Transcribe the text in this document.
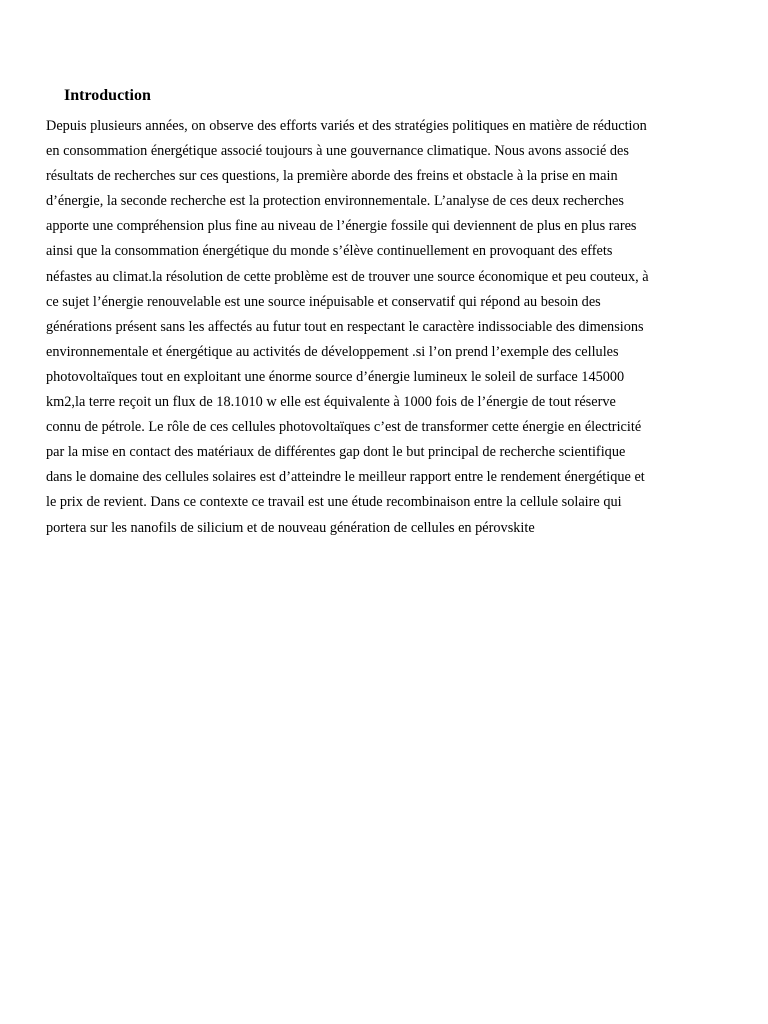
Introduction
Depuis plusieurs années, on observe des efforts variés et des stratégies politiques en matière de réduction
en consommation énergétique associé toujours à une gouvernance climatique. Nous avons associé des
résultats de recherches sur ces questions, la première aborde des freins et obstacle à la prise en main
d’énergie, la seconde recherche est la protection environnementale. L’analyse de ces deux recherches
apporte une compréhension plus fine au niveau de l’énergie fossile qui deviennent de plus en plus rares
ainsi que la consommation énergétique du monde s’élève continuellement en provoquant des effets
néfastes au climat.la résolution de cette problème est de trouver une source économique et peu couteux, à
ce sujet l’énergie renouvelable est une source inépuisable et conservatif qui répond au besoin des
générations présent sans les affectés au futur tout en respectant le caractère indissociable des dimensions
environnementale et énergétique au activités de développement .si l’on prend l’exemple des cellules
photovoltaïques tout en exploitant une énorme source d’énergie lumineux le soleil de surface 145000
km2,la terre reçoit un flux de 18.1010 w elle est équivalente à 1000 fois de l’énergie de tout réserve
connu de pétrole. Le rôle de ces cellules photovoltaïques c’est de transformer cette énergie en électricité
par la mise en contact des matériaux de différentes gap dont le but principal de recherche scientifique
dans le domaine des cellules solaires est d’atteindre le meilleur rapport entre le rendement énergétique et
le prix de revient. Dans ce contexte ce travail est une étude recombinaison entre la cellule solaire qui
portera sur les nanofils de silicium et de nouveau génération de cellules en pérovskite
